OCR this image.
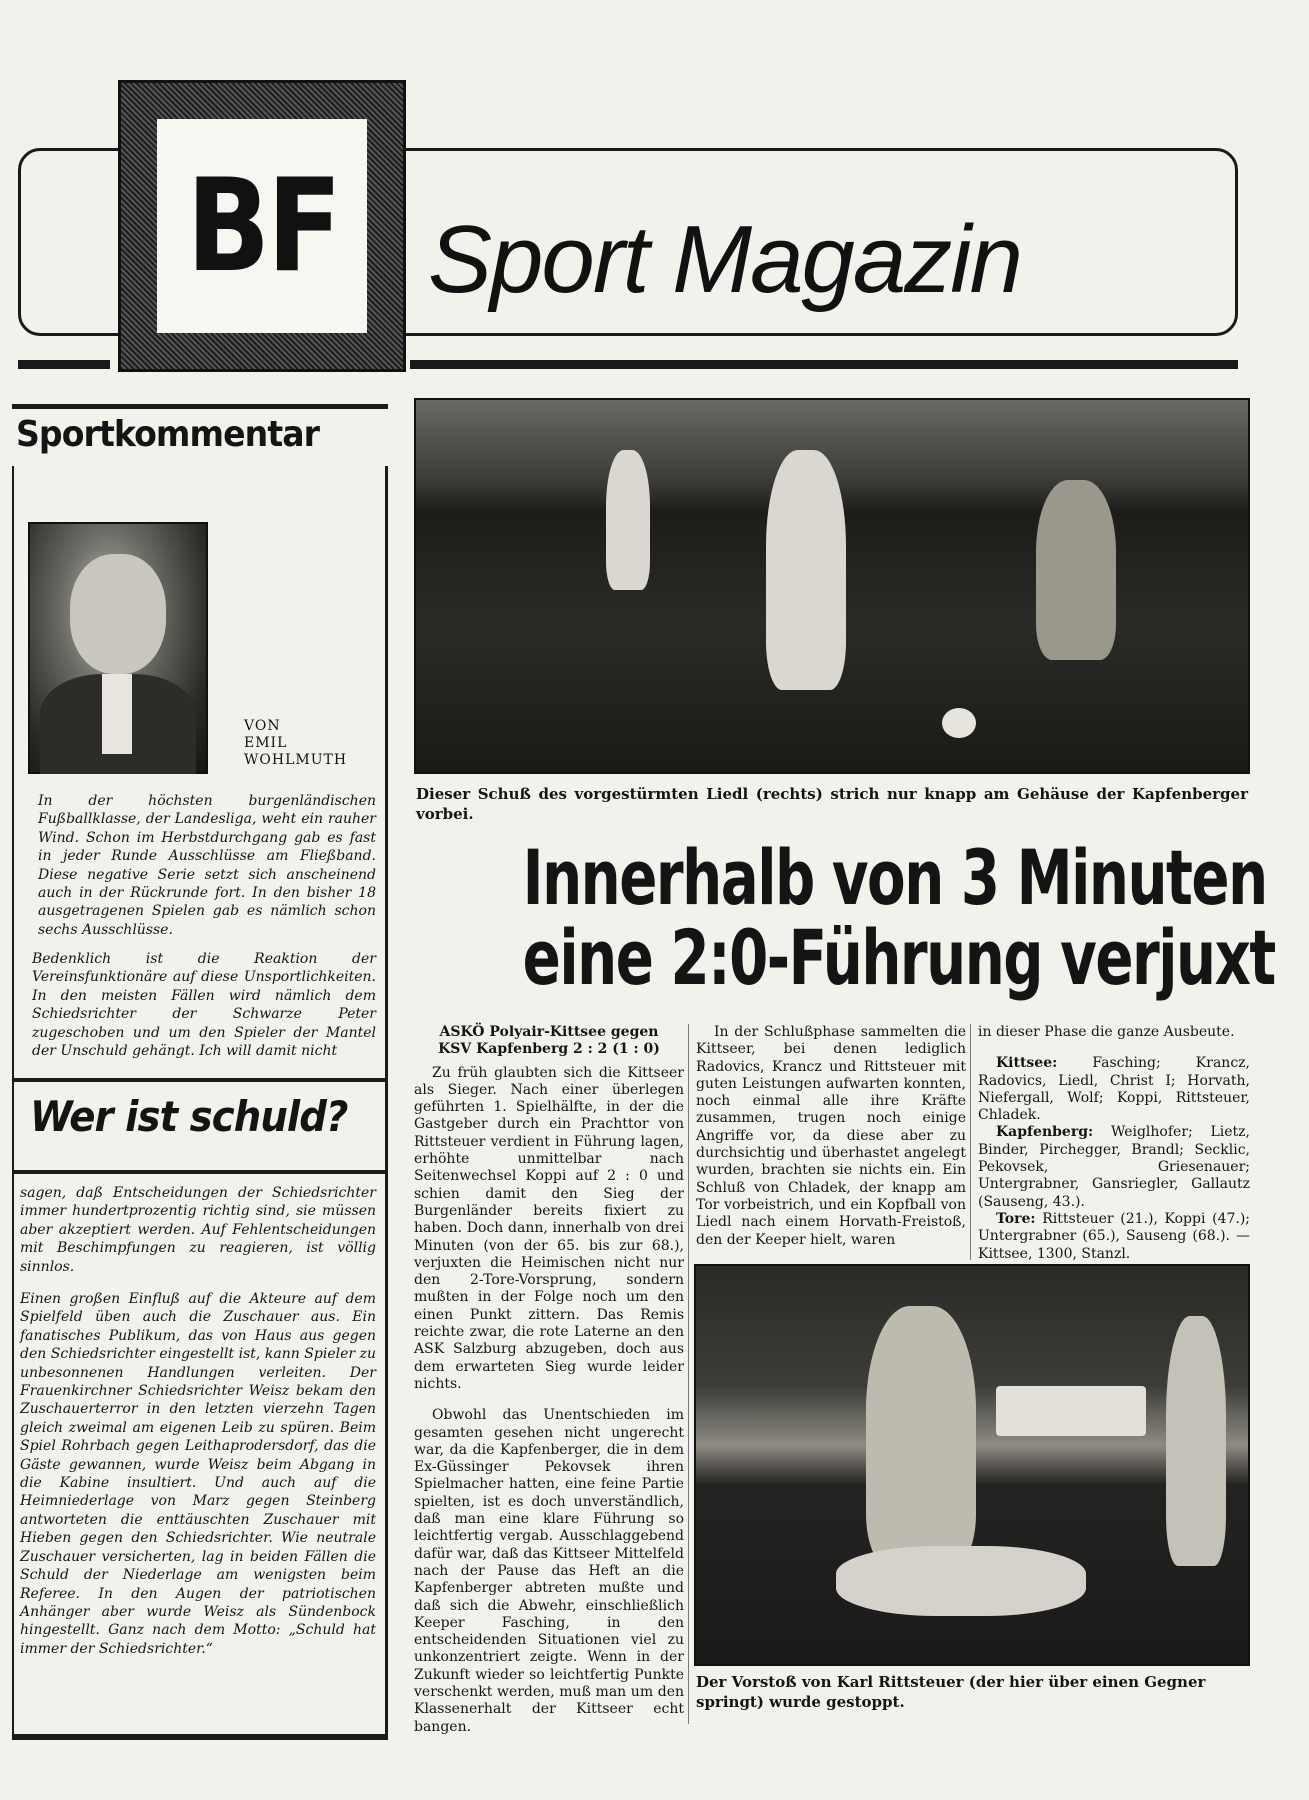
BF Sport Magazin
Sportkommentar
VON
EMIL
WOHLMUTH
In der höchsten burgenländischen Fußballklasse, der Landesliga, weht ein rauher Wind. Schon im Herbstdurchgang gab es fast in jeder Runde Ausschlüsse am Fließband. Diese negative Serie setzt sich anscheinend auch in der Rückrunde fort. In den bisher 18 ausgetragenen Spielen gab es nämlich schon sechs Ausschlüsse.
Bedenklich ist die Reaktion der Vereinsfunktionäre auf diese Unsportlichkeiten. In den meisten Fällen wird nämlich dem Schiedsrichter der Schwarze Peter zugeschoben und um den Spieler der Mantel der Unschuld gehängt. Ich will damit nicht
Wer ist schuld?
sagen, daß Entscheidungen der Schiedsrichter immer hundertprozentig richtig sind, sie müssen aber akzeptiert werden. Auf Fehlentscheidungen mit Beschimpfungen zu reagieren, ist völlig sinnlos.
Einen großen Einfluß auf die Akteure auf dem Spielfeld üben auch die Zuschauer aus. Ein fanatisches Publikum, das von Haus aus gegen den Schiedsrichter eingestellt ist, kann Spieler zu unbesonnenen Handlungen verleiten. Der Frauenkirchner Schiedsrichter Weisz bekam den Zuschauerterror in den letzten vierzehn Tagen gleich zweimal am eigenen Leib zu spüren. Beim Spiel Rohrbach gegen Leithaprodersdorf, das die Gäste gewannen, wurde Weisz beim Abgang in die Kabine insultiert. Und auch auf die Heimniederlage von Marz gegen Steinberg antworteten die enttäuschten Zuschauer mit Hieben gegen den Schiedsrichter. Wie neutrale Zuschauer versicherten, lag in beiden Fällen die Schuld der Niederlage am wenigsten beim Referee. In den Augen der patriotischen Anhänger aber wurde Weisz als Sündenbock hingestellt. Ganz nach dem Motto: „Schuld hat immer der Schiedsrichter.“
Dieser Schuß des vorgestürmten Liedl (rechts) strich nur knapp am Gehäuse der Kapfenberger vorbei.
Innerhalb von 3 Minuten
eine 2:0-Führung verjuxt
ASKÖ Polyair-Kittsee gegen
KSV Kapfenberg 2 : 2 (1 : 0)

Zu früh glaubten sich die Kittseer als Sieger. Nach einer überlegen geführten 1. Spielhälfte, in der die Gastgeber durch ein Prachttor von Rittsteuer verdient in Führung lagen, erhöhte unmittelbar nach Seitenwechsel Koppi auf 2 : 0 und schien damit den Sieg der Burgenländer bereits fixiert zu haben. Doch dann, innerhalb von drei Minuten (von der 65. bis zur 68.), verjuxten die Heimischen nicht nur den 2-Tore-Vorsprung, sondern mußten in der Folge noch um den einen Punkt zittern. Das Remis reichte zwar, die rote Laterne an den ASK Salzburg abzugeben, doch aus dem erwarteten Sieg wurde leider nichts.

Obwohl das Unentschieden im gesamten gesehen nicht ungerecht war, da die Kapfenberger, die in dem Ex-Güssinger Pekovsek ihren Spielmacher hatten, eine feine Partie spielten, ist es doch unverständlich, daß man eine klare Führung so leichtfertig vergab. Ausschlaggebend dafür war, daß das Kittseer Mittelfeld nach der Pause das Heft an die Kapfenberger abtreten mußte und daß sich die Abwehr, einschließlich Keeper Fasching, in den entscheidenden Situationen viel zu unkonzentriert zeigte. Wenn in der Zukunft wieder so leichtfertig Punkte verschenkt werden, muß man um den Klassenerhalt der Kittseer echt bangen.

In der Schlußphase sammelten die Kittseer, bei denen lediglich Radovics, Krancz und Rittsteuer mit guten Leistungen aufwarten konnten, noch einmal alle ihre Kräfte zusammen, trugen noch einige Angriffe vor, da diese aber zu durchsichtig und überhastet angelegt wurden, brachten sie nichts ein. Ein Schluß von Chladek, der knapp am Tor vorbeistrich, und ein Kopfball von Liedl nach einem Horvath-Freistoß, den der Keeper hielt, waren

in dieser Phase die ganze Ausbeute.

Kittsee:	Fasching; Krancz, Radovics, Liedl, Christ I; Horvath, Niefergall, Wolf; Koppi, Rittsteuer, Chladek.

Kapfenberg: Weiglhofer; Lietz, Binder, Pirchegger, Brandl; Secklic, Pekovsek, Griesenauer; Untergrabner, Gansriegler, Gallautz (Sauseng, 43.).

Tore: Rittsteuer (21.), Koppi (47.); Untergrabner (65.), Sauseng (68.). — Kittsee, 1300, Stanzl.

Der Vorstoß von Karl Rittsteuer (der hier über einen Gegner springt) wurde gestoppt.
